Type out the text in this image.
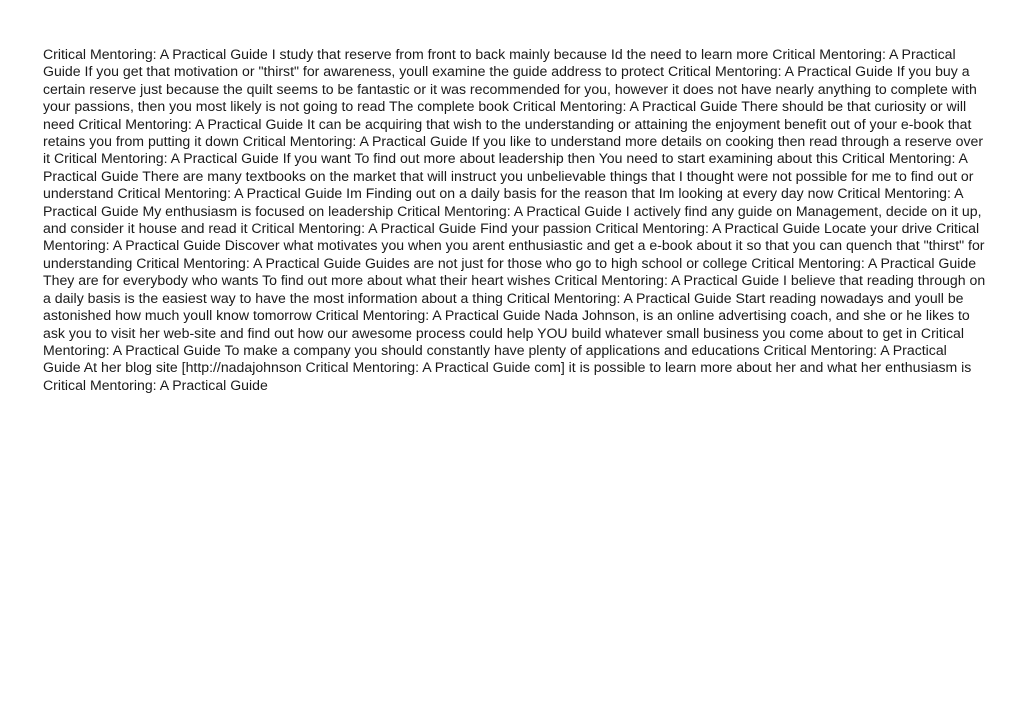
Critical Mentoring: A Practical Guide I study that reserve from front to back mainly because Id the need to learn more Critical Mentoring: A Practical Guide If you get that motivation or "thirst" for awareness, youll examine the guide address to protect Critical Mentoring: A Practical Guide If you buy a certain reserve just because the quilt seems to be fantastic or it was recommended for you, however it does not have nearly anything to complete with your passions, then you most likely is not going to read The complete book Critical Mentoring: A Practical Guide There should be that curiosity or will need Critical Mentoring: A Practical Guide It can be acquiring that wish to the understanding or attaining the enjoyment benefit out of your e-book that retains you from putting it down Critical Mentoring: A Practical Guide If you like to understand more details on cooking then read through a reserve over it Critical Mentoring: A Practical Guide If you want To find out more about leadership then You need to start examining about this Critical Mentoring: A Practical Guide There are many textbooks on the market that will instruct you unbelievable things that I thought were not possible for me to find out or understand Critical Mentoring: A Practical Guide Im Finding out on a daily basis for the reason that Im looking at every day now Critical Mentoring: A Practical Guide My enthusiasm is focused on leadership Critical Mentoring: A Practical Guide I actively find any guide on Management, decide on it up, and consider it house and read it Critical Mentoring: A Practical Guide Find your passion Critical Mentoring: A Practical Guide Locate your drive Critical Mentoring: A Practical Guide Discover what motivates you when you arent enthusiastic and get a e-book about it so that you can quench that "thirst" for understanding Critical Mentoring: A Practical Guide Guides are not just for those who go to high school or college Critical Mentoring: A Practical Guide They are for everybody who wants To find out more about what their heart wishes Critical Mentoring: A Practical Guide I believe that reading through on a daily basis is the easiest way to have the most information about a thing Critical Mentoring: A Practical Guide Start reading nowadays and youll be astonished how much youll know tomorrow Critical Mentoring: A Practical Guide Nada Johnson, is an online advertising coach, and she or he likes to ask you to visit her web-site and find out how our awesome process could help YOU build whatever small business you come about to get in Critical Mentoring: A Practical Guide To make a company you should constantly have plenty of applications and educations Critical Mentoring: A Practical Guide At her blog site [http://nadajohnson Critical Mentoring: A Practical Guide com] it is possible to learn more about her and what her enthusiasm is Critical Mentoring: A Practical Guide
